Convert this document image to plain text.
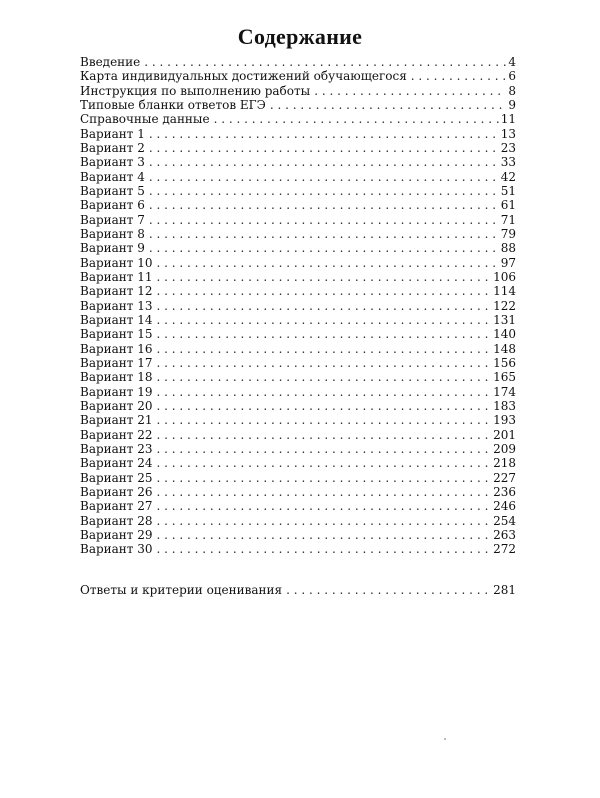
Содержание
Введение . . .	4
Карта индивидуальных достижений обучающегося . . .	6
Инструкция по выполнению работы . . .	8
Типовые бланки ответов ЕГЭ . . .	9
Справочные данные . . .	11
Вариант 1 . . .	13
Вариант 2 . . .	23
Вариант 3 . . .	33
Вариант 4 . . .	42
Вариант 5 . . .	51
Вариант 6 . . .	61
Вариант 7 . . .	71
Вариант 8 . . .	79
Вариант 9 . . .	88
Вариант 10 . . .	97
Вариант 11 . . .	106
Вариант 12 . . .	114
Вариант 13 . . .	122
Вариант 14 . . .	131
Вариант 15 . . .	140
Вариант 16 . . .	148
Вариант 17 . . .	156
Вариант 18 . . .	165
Вариант 19 . . .	174
Вариант 20 . . .	183
Вариант 21 . . .	193
Вариант 22 . . .	201
Вариант 23 . . .	209
Вариант 24 . . .	218
Вариант 25 . . .	227
Вариант 26 . . .	236
Вариант 27 . . .	246
Вариант 28 . . .	254
Вариант 29 . . .	263
Вариант 30 . . .	272
Ответы и критерии оценивания . . .	281
